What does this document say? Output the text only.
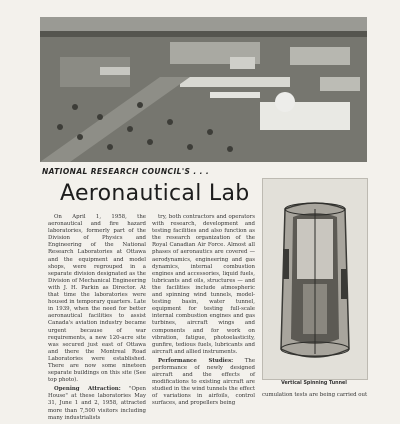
NATIONAL RESEARCH COUNCIL'S . . .
Aeronautical Lab

On April 1, 1958, the aeronautical and fire hazard laboratories, formerly part of the Division of Physics and Engineering of the National Research Laboratories at Ottawa and the equipment and model shops, were regrouped in a separate division designated as the Division of Mechanical Engineering with J. H. Parkin as Director. At that time the laboratories were housed in temporary quarters. Late in 1939, when the need for better aeronautical facilities to assist Canada's aviation industry became urgent because of war requirements, a new 120-acre site was secured just east of Ottawa and there the Montreal Road Laboratories were established. There are now some nineteen separate buildings on this site (See top photo).

Opening Attraction: "Open House" at these laboratories May 31, June 1 and 2, 1958, attracted more than 7,500 visitors including many industrialists

try, both contractors and operators with research, development and testing facilities and also function as the research organization of the Royal Canadian Air Force. Almost all phases of aeronautics are covered — aerodynamics, engineering and gas dynamics, internal combustion engines and accessories, liquid fuels, lubricants and oils, structures — and the facilities include atmospheric and spinning wind tunnels, model-testing basin, water tunnel, equipment for testing full-scale internal combustion engines and gas turbines, aircraft wings and components and for work on vibration, fatigue, photoelasticity, gunfire, tedious fuels, lubricants and aircraft and allied instruments.

Performance Studies: The performance of newly designed aircraft and the effects of modifications to existing aircraft are studied in the wind tunnels the effect of variations in airfoils, control surfaces, and propellers being

Vertical Spinning Tunnel
cumulation tests are being carried out
